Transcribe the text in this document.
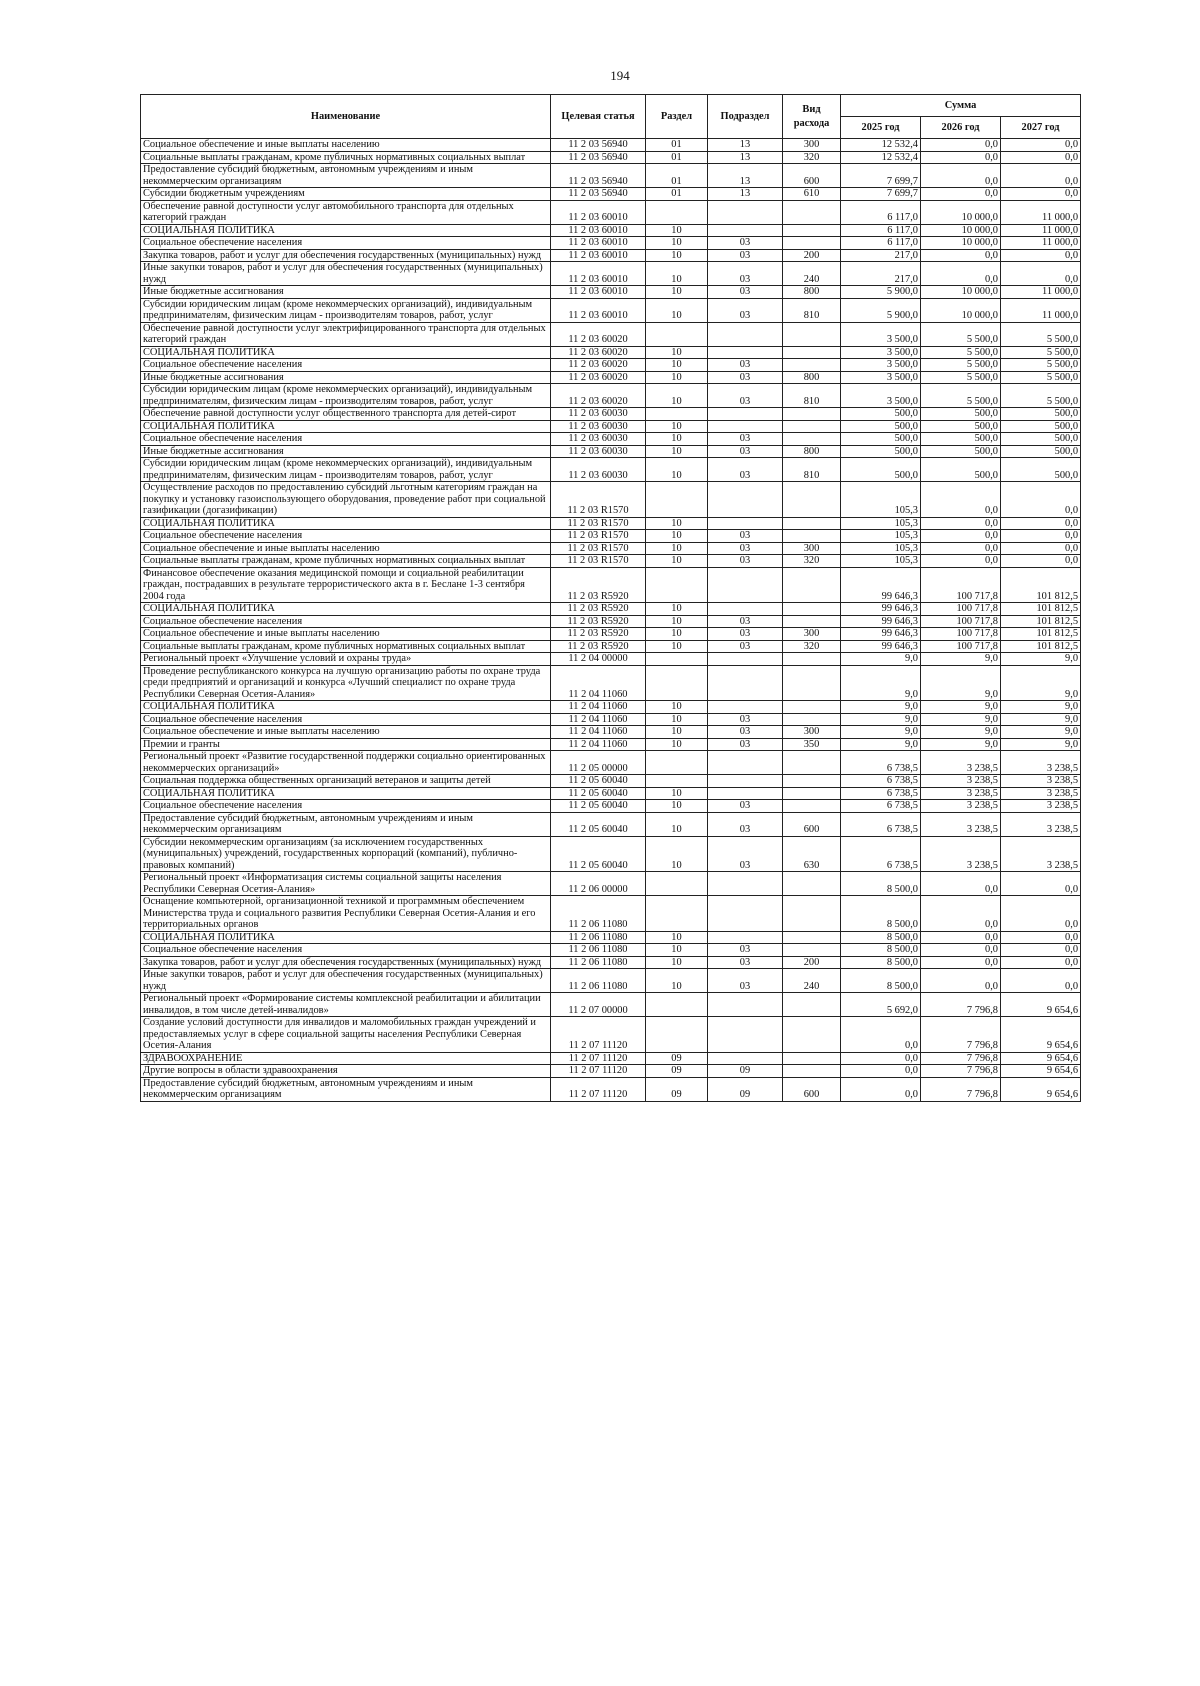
194
Наименование	Целевая статья	Раздел	Подраздел	Вид расхода	Сумма		
					2025 год	2026 год	2027 год
Социальное обеспечение и иные выплаты населению	11 2 03 56940	01	13	300	12 532,4	0,0	0,0
Социальные выплаты гражданам, кроме публичных нормативных социальных выплат	11 2 03 56940	01	13	320	12 532,4	0,0	0,0
Предоставление субсидий бюджетным, автономным учреждениям и иным некоммерческим организациям	11 2 03 56940	01	13	600	7 699,7	0,0	0,0
Субсидии бюджетным учреждениям	11 2 03 56940	01	13	610	7 699,7	0,0	0,0
Обеспечение равной доступности услуг автомобильного транспорта для отдельных категорий граждан	11 2 03 60010				6 117,0	10 000,0	11 000,0
СОЦИАЛЬНАЯ ПОЛИТИКА	11 2 03 60010	10			6 117,0	10 000,0	11 000,0
Социальное обеспечение населения	11 2 03 60010	10	03		6 117,0	10 000,0	11 000,0
Закупка товаров, работ и услуг для обеспечения государственных (муниципальных) нужд	11 2 03 60010	10	03	200	217,0	0,0	0,0
Иные закупки товаров, работ и услуг для обеспечения государственных (муниципальных) нужд	11 2 03 60010	10	03	240	217,0	0,0	0,0
Иные бюджетные ассигнования	11 2 03 60010	10	03	800	5 900,0	10 000,0	11 000,0
Субсидии юридическим лицам (кроме некоммерческих организаций), индивидуальным предпринимателям, физическим лицам - производителям товаров, работ, услуг	11 2 03 60010	10	03	810	5 900,0	10 000,0	11 000,0
Обеспечение равной доступности услуг электрифицированного транспорта для отдельных категорий граждан	11 2 03 60020				3 500,0	5 500,0	5 500,0
СОЦИАЛЬНАЯ ПОЛИТИКА	11 2 03 60020	10			3 500,0	5 500,0	5 500,0
Социальное обеспечение населения	11 2 03 60020	10	03		3 500,0	5 500,0	5 500,0
Иные бюджетные ассигнования	11 2 03 60020	10	03	800	3 500,0	5 500,0	5 500,0
Субсидии юридическим лицам (кроме некоммерческих организаций), индивидуальным предпринимателям, физическим лицам - производителям товаров, работ, услуг	11 2 03 60020	10	03	810	3 500,0	5 500,0	5 500,0
Обеспечение равной доступности услуг общественного транспорта для детей-сирот	11 2 03 60030				500,0	500,0	500,0
СОЦИАЛЬНАЯ ПОЛИТИКА	11 2 03 60030	10			500,0	500,0	500,0
Социальное обеспечение населения	11 2 03 60030	10	03		500,0	500,0	500,0
Иные бюджетные ассигнования	11 2 03 60030	10	03	800	500,0	500,0	500,0
Субсидии юридическим лицам (кроме некоммерческих организаций), индивидуальным предпринимателям, физическим лицам - производителям товаров, работ, услуг	11 2 03 60030	10	03	810	500,0	500,0	500,0
Осуществление расходов по предоставлению субсидий льготным категориям граждан на покупку и установку газоиспользующего оборудования, проведение работ при социальной газификации (догазификации)	11 2 03 R1570				105,3	0,0	0,0
СОЦИАЛЬНАЯ ПОЛИТИКА	11 2 03 R1570	10			105,3	0,0	0,0
Социальное обеспечение населения	11 2 03 R1570	10	03		105,3	0,0	0,0
Социальное обеспечение и иные выплаты населению	11 2 03 R1570	10	03	300	105,3	0,0	0,0
Социальные выплаты гражданам, кроме публичных нормативных социальных выплат	11 2 03 R1570	10	03	320	105,3	0,0	0,0
Финансовое обеспечение оказания медицинской помощи и социальной реабилитации граждан, пострадавших в результате террористического акта в г. Беслане 1-3 сентября 2004 года	11 2 03 R5920				99 646,3	100 717,8	101 812,5
СОЦИАЛЬНАЯ ПОЛИТИКА	11 2 03 R5920	10			99 646,3	100 717,8	101 812,5
Социальное обеспечение населения	11 2 03 R5920	10	03		99 646,3	100 717,8	101 812,5
Социальное обеспечение и иные выплаты населению	11 2 03 R5920	10	03	300	99 646,3	100 717,8	101 812,5
Социальные выплаты гражданам, кроме публичных нормативных социальных выплат	11 2 03 R5920	10	03	320	99 646,3	100 717,8	101 812,5
Региональный проект «Улучшение условий и охраны труда»	11 2 04 00000				9,0	9,0	9,0
Проведение республиканского конкурса на лучшую организацию работы по охране труда среди предприятий и организаций и конкурса «Лучший специалист по охране труда Республики Северная Осетия-Алания»	11 2 04 11060				9,0	9,0	9,0
СОЦИАЛЬНАЯ ПОЛИТИКА	11 2 04 11060	10			9,0	9,0	9,0
Социальное обеспечение населения	11 2 04 11060	10	03		9,0	9,0	9,0
Социальное обеспечение и иные выплаты населению	11 2 04 11060	10	03	300	9,0	9,0	9,0
Премии и гранты	11 2 04 11060	10	03	350	9,0	9,0	9,0
Региональный проект «Развитие государственной поддержки социально ориентированных некоммерческих организаций»	11 2 05 00000				6 738,5	3 238,5	3 238,5
Социальная поддержка общественных организаций ветеранов и защиты детей	11 2 05 60040				6 738,5	3 238,5	3 238,5
СОЦИАЛЬНАЯ ПОЛИТИКА	11 2 05 60040	10			6 738,5	3 238,5	3 238,5
Социальное обеспечение населения	11 2 05 60040	10	03		6 738,5	3 238,5	3 238,5
Предоставление субсидий бюджетным, автономным учреждениям и иным некоммерческим организациям	11 2 05 60040	10	03	600	6 738,5	3 238,5	3 238,5
Субсидии некоммерческим организациям (за исключением государственных (муниципальных) учреждений, государственных корпораций (компаний), публично-правовых компаний)	11 2 05 60040	10	03	630	6 738,5	3 238,5	3 238,5
Региональный проект «Информатизация системы социальной защиты населения Республики Северная Осетия-Алания»	11 2 06 00000				8 500,0	0,0	0,0
Оснащение компьютерной, организационной техникой и программным обеспечением Министерства труда и социального развития Республики Северная Осетия-Алания и его территориальных органов	11 2 06 11080				8 500,0	0,0	0,0
СОЦИАЛЬНАЯ ПОЛИТИКА	11 2 06 11080	10			8 500,0	0,0	0,0
Социальное обеспечение населения	11 2 06 11080	10	03		8 500,0	0,0	0,0
Закупка товаров, работ и услуг для обеспечения государственных (муниципальных) нужд	11 2 06 11080	10	03	200	8 500,0	0,0	0,0
Иные закупки товаров, работ и услуг для обеспечения государственных (муниципальных) нужд	11 2 06 11080	10	03	240	8 500,0	0,0	0,0
Региональный проект «Формирование системы комплексной реабилитации и абилитации инвалидов, в том числе детей-инвалидов»	11 2 07 00000				5 692,0	7 796,8	9 654,6
Создание условий доступности для инвалидов и маломобильных граждан учреждений и предоставляемых услуг в сфере социальной защиты населения Республики Северная Осетия-Алания	11 2 07 11120				0,0	7 796,8	9 654,6
ЗДРАВООХРАНЕНИЕ	11 2 07 11120	09			0,0	7 796,8	9 654,6
Другие вопросы в области здравоохранения	11 2 07 11120	09	09		0,0	7 796,8	9 654,6
Предоставление субсидий бюджетным, автономным учреждениям и иным некоммерческим организациям	11 2 07 11120	09	09	600	0,0	7 796,8	9 654,6
